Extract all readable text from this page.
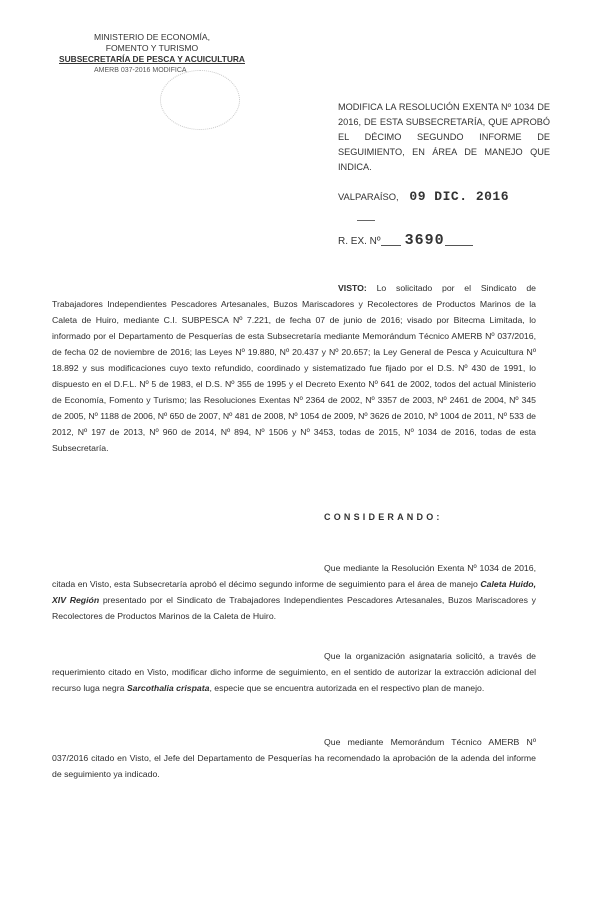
MINISTERIO DE ECONOMÍA,
FOMENTO Y TURISMO
SUBSECRETARÍA DE PESCA Y ACUICULTURA
AMERB 037-2016 MODIFICA
MODIFICA LA RESOLUCIÓN EXENTA Nº 1034 DE 2016, DE ESTA SUBSECRETARÍA, QUE APROBÓ EL DÉCIMO SEGUNDO INFORME DE SEGUIMIENTO, EN ÁREA DE MANEJO QUE INDICA.
VALPARAÍSO, 09 DIC. 2016
R. EX. Nº 3690
VISTO: Lo solicitado por el Sindicato de Trabajadores Independientes Pescadores Artesanales, Buzos Mariscadores y Recolectores de Productos Marinos de la Caleta de Huiro, mediante C.I. SUBPESCA Nº 7.221, de fecha 07 de junio de 2016; visado por Bitecma Limitada, lo informado por el Departamento de Pesquerías de esta Subsecretaría mediante Memorándum Técnico AMERB Nº 037/2016, de fecha 02 de noviembre de 2016; las Leyes Nº 19.880, Nº 20.437 y Nº 20.657; la Ley General de Pesca y Acuicultura Nº 18.892 y sus modificaciones cuyo texto refundido, coordinado y sistematizado fue fijado por el D.S. Nº 430 de 1991, lo dispuesto en el D.F.L. Nº 5 de 1983, el D.S. Nº 355 de 1995 y el Decreto Exento Nº 641 de 2002, todos del actual Ministerio de Economía, Fomento y Turismo; las Resoluciones Exentas Nº 2364 de 2002, Nº 3357 de 2003, Nº 2461 de 2004, Nº 345 de 2005, Nº 1188 de 2006, Nº 650 de 2007, Nº 481 de 2008, Nº 1054 de 2009, Nº 3626 de 2010, Nº 1004 de 2011, Nº 533 de 2012, Nº 197 de 2013, Nº 960 de 2014, Nº 894, Nº 1506 y Nº 3453, todas de 2015, Nº 1034 de 2016, todas de esta Subsecretaría.
CONSIDERANDO:
Que mediante la Resolución Exenta Nº 1034 de 2016, citada en Visto, esta Subsecretaría aprobó el décimo segundo informe de seguimiento para el área de manejo Caleta Huido, XIV Región presentado por el Sindicato de Trabajadores Independientes Pescadores Artesanales, Buzos Mariscadores y Recolectores de Productos Marinos de la Caleta de Huiro.
Que la organización asignataria solicitó, a través de requerimiento citado en Visto, modificar dicho informe de seguimiento, en el sentido de autorizar la extracción adicional del recurso luga negra Sarcothalia crispata, especie que se encuentra autorizada en el respectivo plan de manejo.
Que mediante Memorándum Técnico AMERB Nº 037/2016 citado en Visto, el Jefe del Departamento de Pesquerías ha recomendado la aprobación de la adenda del informe de seguimiento ya indicado.
